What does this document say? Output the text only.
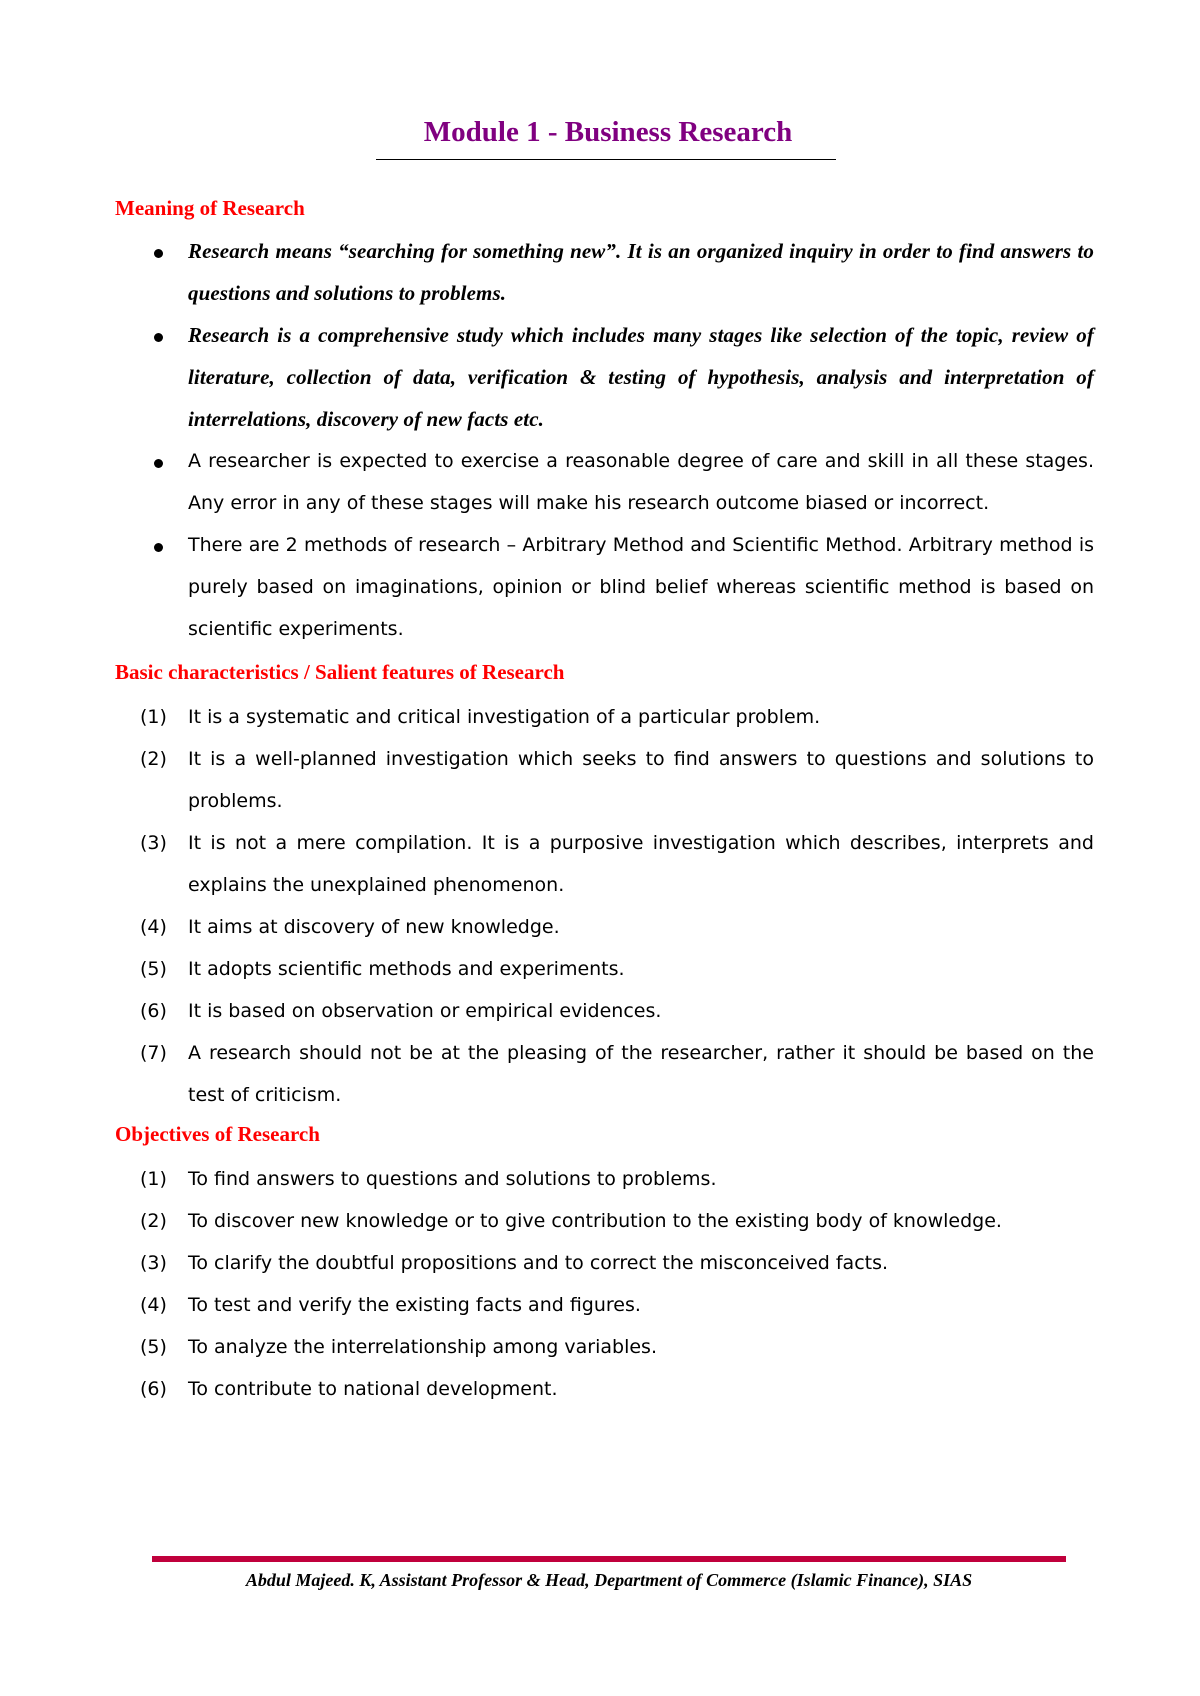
Module 1 - Business Research
Meaning of Research
Research means “searching for something new”. It is an organized inquiry in order to find answers to questions and solutions to problems.
Research is a comprehensive study which includes many stages like selection of the topic, review of literature, collection of data, verification & testing of hypothesis, analysis and interpretation of interrelations, discovery of new facts etc.
A researcher is expected to exercise a reasonable degree of care and skill in all these stages. Any error in any of these stages will make his research outcome biased or incorrect.
There are 2 methods of research – Arbitrary Method and Scientific Method. Arbitrary method is purely based on imaginations, opinion or blind belief whereas scientific method is based on scientific experiments.
Basic characteristics / Salient features of Research
(1) It is a systematic and critical investigation of a particular problem.
(2) It is a well-planned investigation which seeks to find answers to questions and solutions to problems.
(3) It is not a mere compilation. It is a purposive investigation which describes, interprets and explains the unexplained phenomenon.
(4) It aims at discovery of new knowledge.
(5) It adopts scientific methods and experiments.
(6) It is based on observation or empirical evidences.
(7) A research should not be at the pleasing of the researcher, rather it should be based on the test of criticism.
Objectives of Research
(1) To find answers to questions and solutions to problems.
(2) To discover new knowledge or to give contribution to the existing body of knowledge.
(3) To clarify the doubtful propositions and to correct the misconceived facts.
(4) To test and verify the existing facts and figures.
(5) To analyze the interrelationship among variables.
(6) To contribute to national development.
Abdul Majeed. K, Assistant Professor & Head, Department of Commerce (Islamic Finance), SIAS
